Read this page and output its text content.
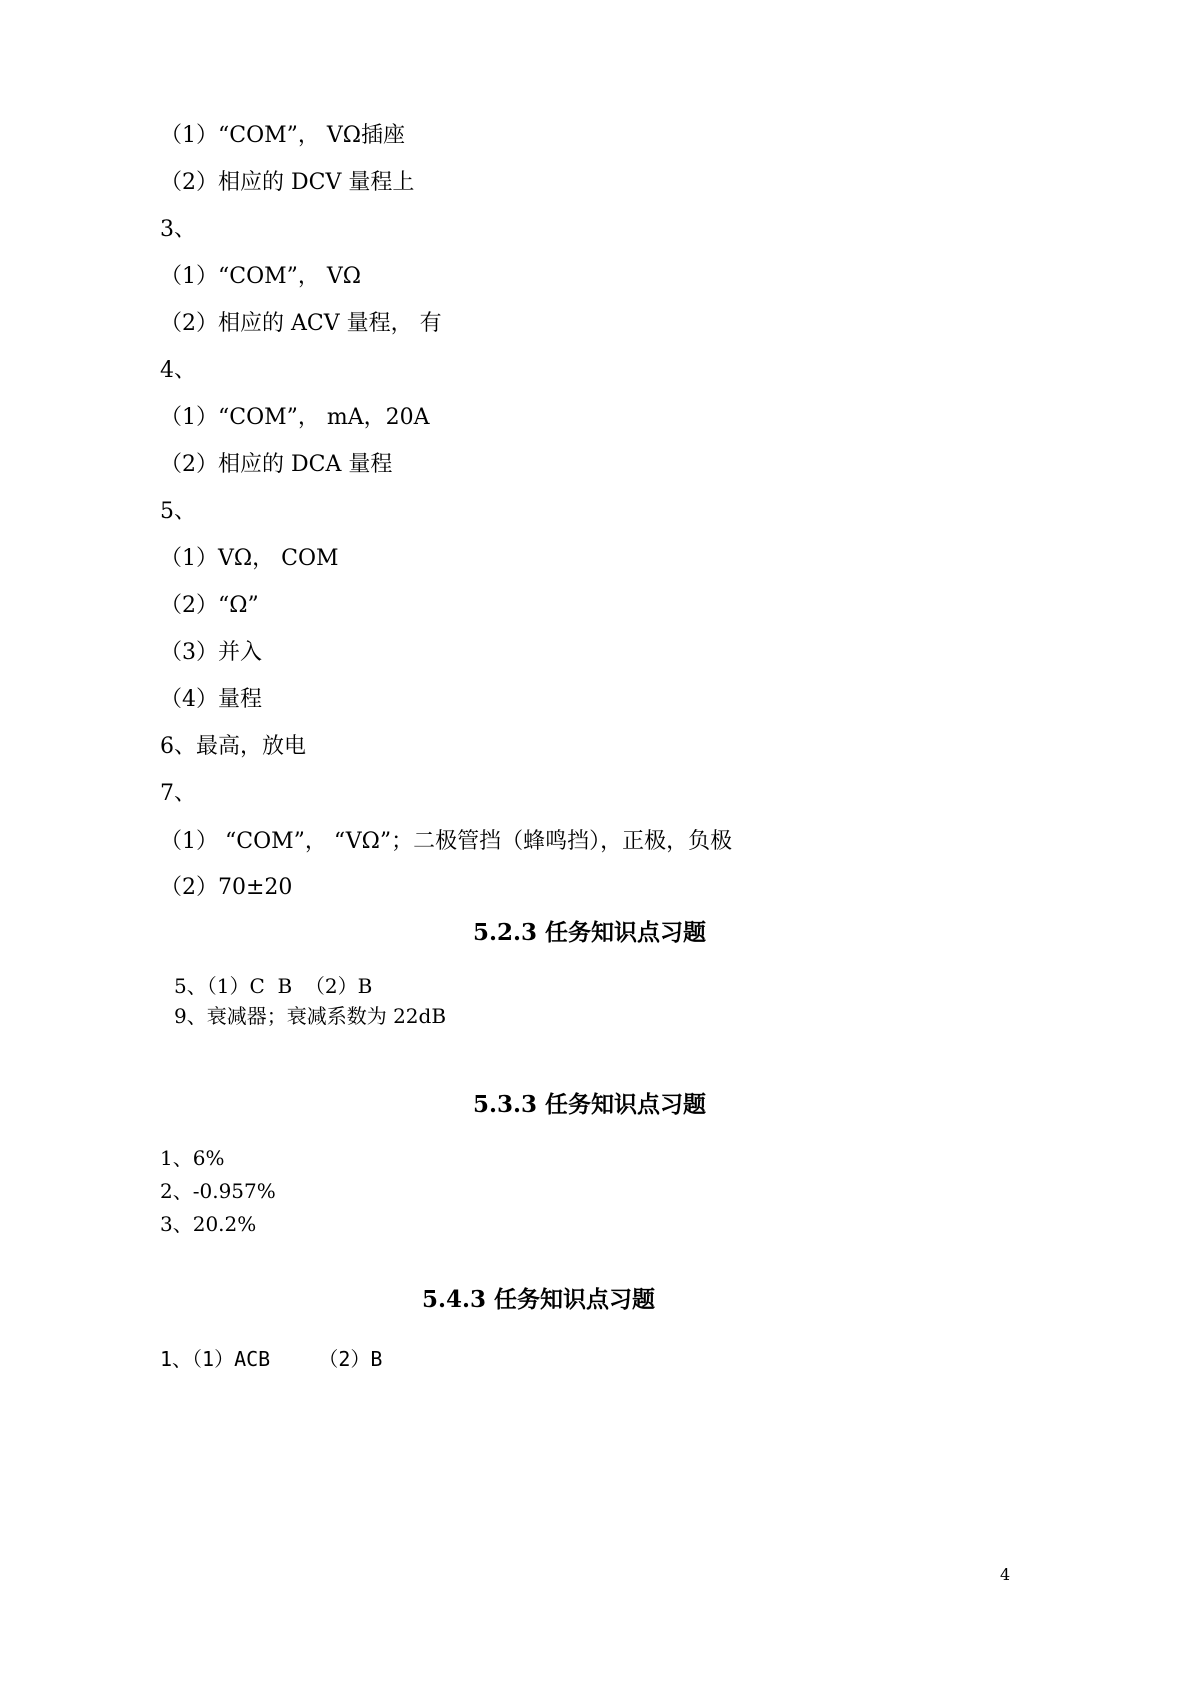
（1）“COM”， VΩ插座
（2）相应的 DCV 量程上
3、
（1）“COM”， VΩ
（2）相应的 ACV 量程， 有
4、
（1）“COM”， mA，20A
（2）相应的 DCA 量程
5、
（1）VΩ， COM
（2）“Ω”
（3）并入
（4）量程
6、最高，放电
7、
（1） “COM”， “VΩ”；二极管挡（蜂鸣挡），正极，负极
（2）70±20
5.2.3 任务知识点习题
5、（1）C  B  （2）B
9、衰减器；衰减系数为 22dB
5.3.3 任务知识点习题
1、6%
2、-0.957%
3、20.2%
5.4.3 任务知识点习题
1、（1）ACB    （2）B
4
